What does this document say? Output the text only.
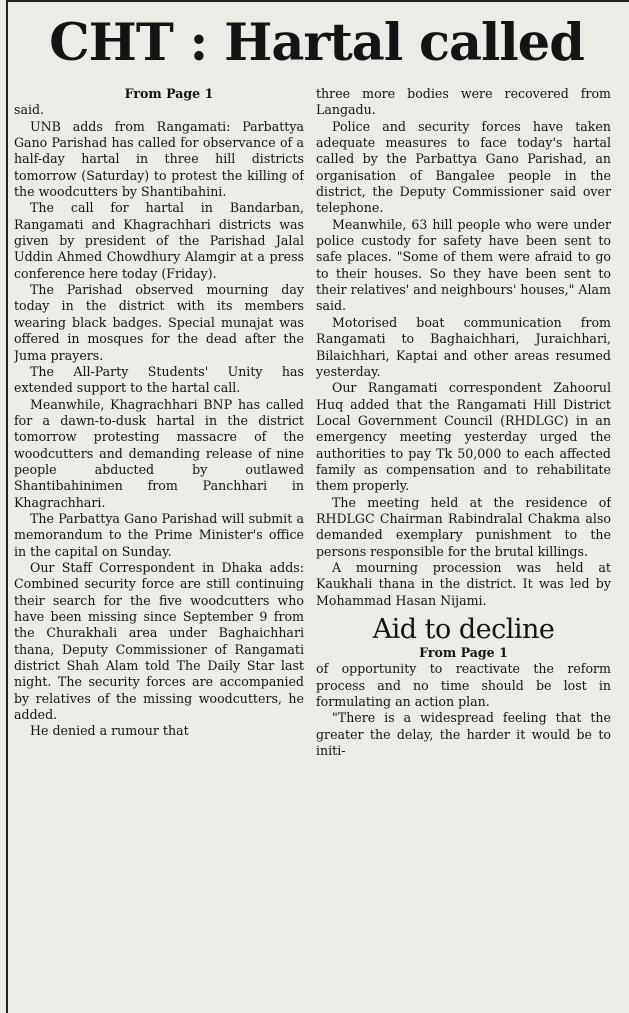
CHT : Hartal called
From Page 1

said.

UNB adds from Rangamati: Parbattya Gano Parishad has called for observance of a half-day hartal in three hill districts tomorrow (Saturday) to protest the killing of the woodcutters by Shantibahini.

The call for hartal in Bandarban, Rangamati and Khagrachhari districts was given by president of the Parishad Jalal Uddin Ahmed Chowdhury Alamgir at a press conference here today (Friday).

The Parishad observed mourning day today in the district with its members wearing black badges. Special munajat was offered in mosques for the dead after the Juma prayers.

The All-Party Students' Unity has extended support to the hartal call.

Meanwhile, Khagrachhari BNP has called for a dawn-to-dusk hartal in the district tomorrow protesting massacre of the woodcutters and demanding release of nine people abducted by outlawed Shantibahinimen from Panchhari in Khagrachhari.

The Parbattya Gano Parishad will submit a memorandum to the Prime Minister's office in the capital on Sunday.

Our Staff Correspondent in Dhaka adds: Combined security force are still continuing their search for the five woodcutters who have been missing since September 9 from the Churakhali area under Baghaichhari thana, Deputy Commissioner of Rangamati district Shah Alam told The Daily Star last night. The security forces are accompanied by relatives of the missing woodcutters, he added.

He denied a rumour that

three more bodies were recovered from Langadu.

Police and security forces have taken adequate measures to face today's hartal called by the Parbattya Gano Parishad, an organisation of Bangalee people in the district, the Deputy Commissioner said over telephone.

Meanwhile, 63 hill people who were under police custody for safety have been sent to safe places. "Some of them were afraid to go to their houses. So they have been sent to their relatives' and neighbours' houses," Alam said.

Motorised boat communication from Rangamati to Baghaichhari, Juraichhari, Bilaichhari, Kaptai and other areas resumed yesterday.

Our Rangamati correspondent Zahoorul Huq added that the Rangamati Hill District Local Government Council (RHDLGC) in an emergency meeting yesterday urged the authorities to pay Tk 50,000 to each affected family as compensation and to rehabilitate them properly.

The meeting held at the residence of RHDLGC Chairman Rabindralal Chakma also demanded exemplary punishment to the persons responsible for the brutal killings.

A mourning procession was held at Kaukhali thana in the district. It was led by Mohammad Hasan Nijami.

Aid to decline
From Page 1

of opportunity to reactivate the reform process and no time should be lost in formulating an action plan.

"There is a widespread feeling that the greater the delay, the harder it would be to initi-
